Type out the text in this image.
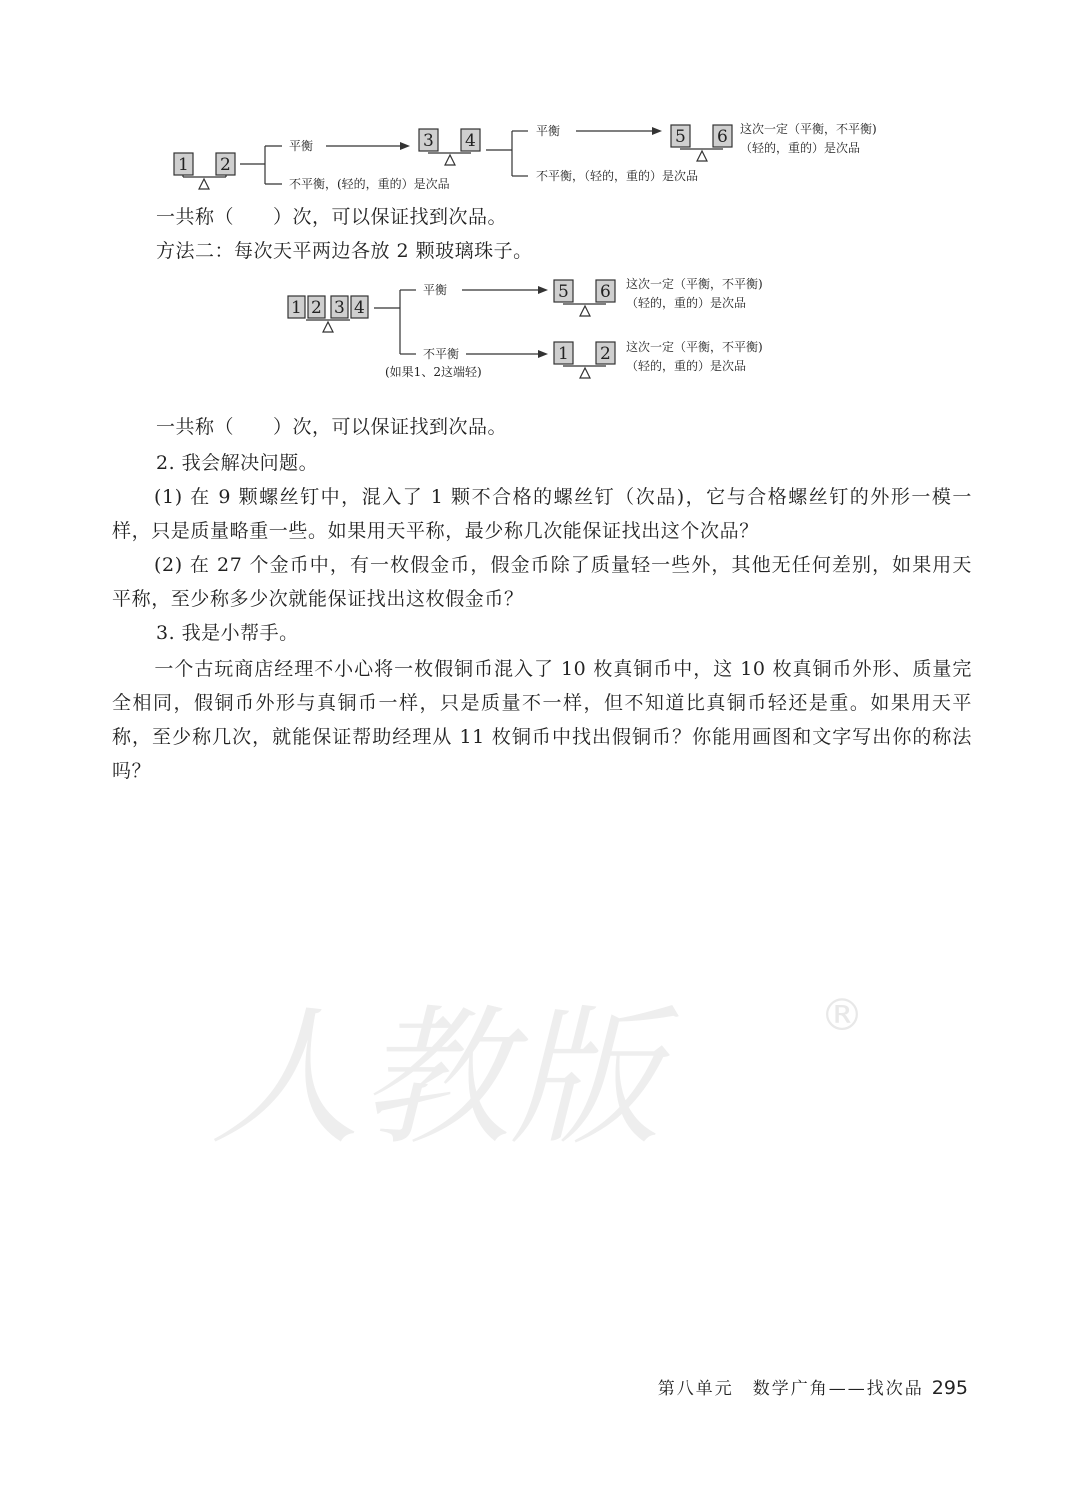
1 2
平衡
不平衡，(轻的，重的）是次品
3 4	平衡
不平衡，（轻的，重的）是次品
5 6 这次一定（平衡，不平衡)
（轻的，重的）是次品
1 2 3 4
平衡
不平衡
(如果1、2这端轻)
5 6 这次一定（平衡，不平衡)
（轻的，重的）是次品
1 2 这次一定（平衡，不平衡)
（轻的，重的）是次品
一共称（　　）次，可以保证找到次品。
方法二：每次天平两边各放 2 颗玻璃珠子。
一共称（　　）次，可以保证找到次品。
2. 我会解决问题。
(1) 在 9 颗螺丝钉中，混入了 1 颗不合格的螺丝钉（次品)，它与合格螺丝钉的外形一模一样，只是质量略重一些。如果用天平称，最少称几次能保证找出这个次品？
(2) 在 27 个金币中，有一枚假金币，假金币除了质量轻一些外，其他无任何差别，如果用天平称，至少称多少次就能保证找出这枚假金币？
3. 我是小帮手。
一个古玩商店经理不小心将一枚假铜币混入了 10 枚真铜币中，这 10 枚真铜币外形、质量完全相同，假铜币外形与真铜币一样，只是质量不一样，但不知道比真铜币轻还是重。如果用天平称，至少称几次，就能保证帮助经理从 11 枚铜币中找出假铜币？你能用画图和文字写出你的称法吗？
人教版	®
第八单元　数学广角——找次品 295
